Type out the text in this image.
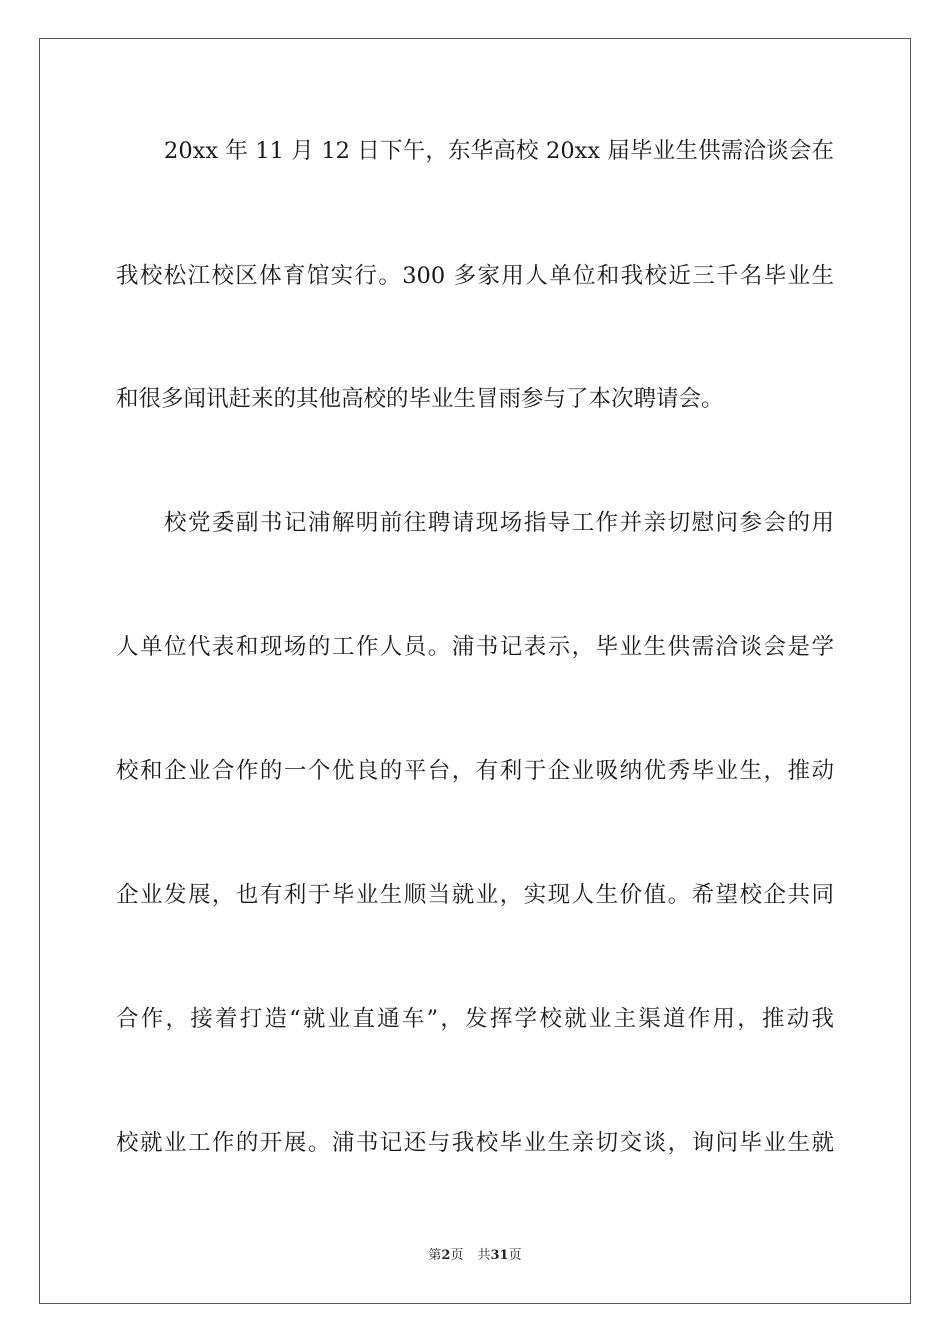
20xx 年 11 月 12 日下午，东华高校 20xx 届毕业生供需洽谈会在
我校松江校区体育馆实行。300 多家用人单位和我校近三千名毕业生
和很多闻讯赶来的其他高校的毕业生冒雨参与了本次聘请会。
校党委副书记浦解明前往聘请现场指导工作并亲切慰问参会的用
人单位代表和现场的工作人员。浦书记表示，毕业生供需洽谈会是学
校和企业合作的一个优良的平台，有利于企业吸纳优秀毕业生，推动
企业发展，也有利于毕业生顺当就业，实现人生价值。希望校企共同
合作，接着打造“就业直通车”，发挥学校就业主渠道作用，推动我
校就业工作的开展。浦书记还与我校毕业生亲切交谈，询问毕业生就
第2页 共31页
